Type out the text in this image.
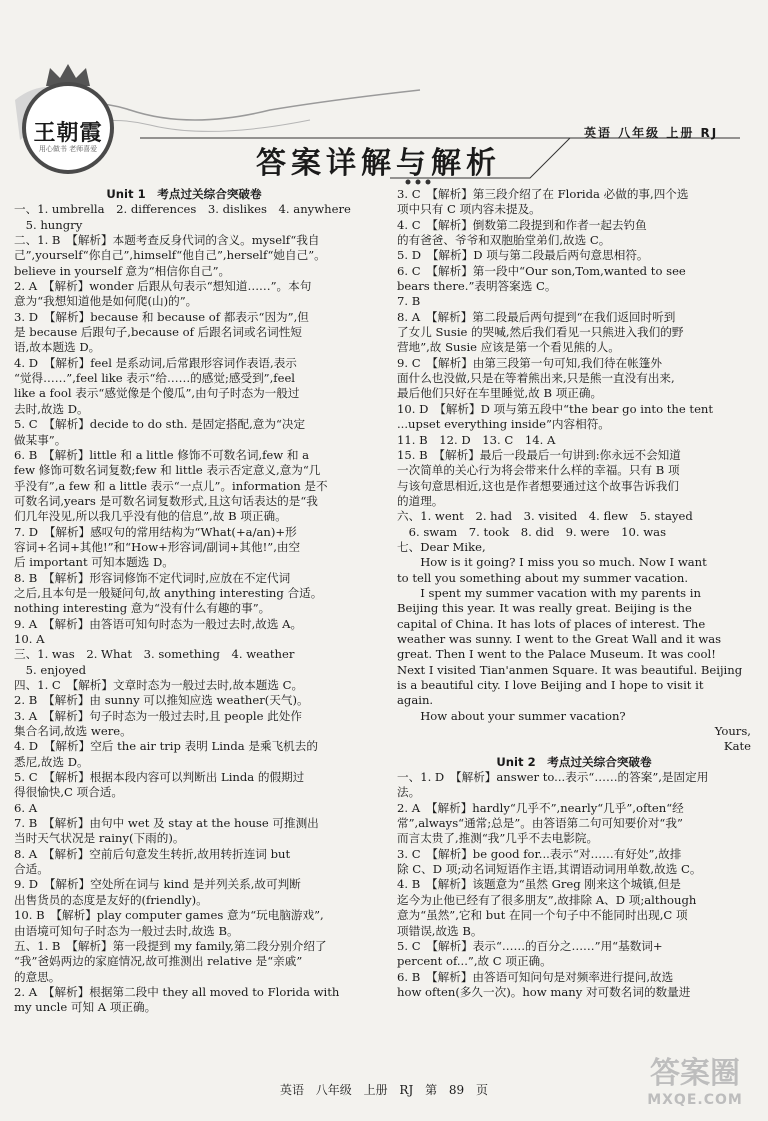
王朝霞
用心做书 老师喜爱
英语 八年级 上册 RJ
答案详解与解析
Unit 1　考点过关综合突破卷
一、1. umbrella　2. differences　3. dislikes　4. anywhere
　5. hungry
二、1. B　【解析】本题考查反身代词的含义。myself“我自
己”,yourself“你自己”,himself“他自己”,herself“她自己”。
believe in yourself 意为“相信你自己”。
2. A　【解析】wonder 后跟从句表示“想知道……”。本句
意为“我想知道他是如何爬(山)的”。
3. D　【解析】because 和 because of 都表示“因为”,但
是 because 后跟句子,because of 后跟名词或名词性短
语,故本题选 D。
4. D　【解析】feel 是系动词,后常跟形容词作表语,表示
“觉得……”,feel like 表示“给……的感觉;感受到”,feel
like a fool 表示“感觉像是个傻瓜”,由句子时态为一般过
去时,故选 D。
5. C　【解析】decide to do sth. 是固定搭配,意为“决定
做某事”。
6. B　【解析】little 和 a little 修饰不可数名词,few 和 a
few 修饰可数名词复数;few 和 little 表示否定意义,意为“几
乎没有”,a few 和 a little 表示“一点儿”。information 是不
可数名词,years 是可数名词复数形式,且这句话表达的是“我
们几年没见,所以我几乎没有他的信息”,故 B 项正确。
7. D　【解析】感叹句的常用结构为“What(+a/an)+形
容词+名词+其他!”和“How+形容词/副词+其他!”,由空
后 important 可知本题选 D。
8. B　【解析】形容词修饰不定代词时,应放在不定代词
之后,且本句是一般疑问句,故 anything interesting 合适。
nothing interesting 意为“没有什么有趣的事”。
9. A　【解析】由答语可知句时态为一般过去时,故选 A。
10. A
三、1. was　2. What　3. something　4. weather
　5. enjoyed
四、1. C　【解析】文章时态为一般过去时,故本题选 C。
2. B　【解析】由 sunny 可以推知应选 weather(天气)。
3. A　【解析】句子时态为一般过去时,且 people 此处作
集合名词,故选 were。
4. D　【解析】空后 the air trip 表明 Linda 是乘飞机去的
悉尼,故选 D。
5. C　【解析】根据本段内容可以判断出 Linda 的假期过
得很愉快,C 项合适。
6. A
7. B　【解析】由句中 wet 及 stay at the house 可推测出
当时天气状况是 rainy(下雨的)。
8. A　【解析】空前后句意发生转折,故用转折连词 but
合适。
9. D　【解析】空处所在词与 kind 是并列关系,故可判断
出售货员的态度是友好的(friendly)。
10. B　【解析】play computer games 意为“玩电脑游戏”,
由语境可知句子时态为一般过去时,故选 B。
五、1. B　【解析】第一段提到 my family,第二段分别介绍了
“我”爸妈两边的家庭情况,故可推测出 relative 是“亲戚”
的意思。
2. A　【解析】根据第二段中 they all moved to Florida with
my uncle 可知 A 项正确。
3. C　【解析】第三段介绍了在 Florida 必做的事,四个选
项中只有 C 项内容未提及。
4. C　【解析】倒数第二段提到和作者一起去钓鱼
的有爸爸、爷爷和双胞胎堂弟们,故选 C。
5. D　【解析】D 项与第二段最后两句意思相符。
6. C　【解析】第一段中“Our son,Tom,wanted to see
bears there.”表明答案选 C。
7. B
8. A　【解析】第二段最后两句提到“在我们返回时听到
了女儿 Susie 的哭喊,然后我们看见一只熊进入我们的野
营地”,故 Susie 应该是第一个看见熊的人。
9. C　【解析】由第三段第一句可知,我们待在帐篷外
面什么也没做,只是在等着熊出来,只是熊一直没有出来,
最后他们只好在车里睡觉,故 B 项正确。
10. D　【解析】D 项与第五段中“the bear go into the tent
...upset everything inside”内容相符。
11. B　12. D　13. C　14. A
15. B　【解析】最后一段最后一句讲到:你永远不会知道
一次简单的关心行为将会带来什么样的幸福。只有 B 项
与该句意思相近,这也是作者想要通过这个故事告诉我们
的道理。
六、1. went　2. had　3. visited　4. flew　5. stayed
　6. swam　7. took　8. did　9. were　10. was
七、Dear Mike,
　　How is it going? I miss you so much. Now I want
to tell you something about my summer vacation.
　　I spent my summer vacation with my parents in
Beijing this year. It was really great. Beijing is the
capital of China. It has lots of places of interest. The
weather was sunny. I went to the Great Wall and it was
great. Then I went to the Palace Museum. It was cool!
Next I visited Tian'anmen Square. It was beautiful. Beijing
is a beautiful city. I love Beijing and I hope to visit it
again.
　　How about your summer vacation?
Yours,
Kate
Unit 2　考点过关综合突破卷
一、1. D　【解析】answer to...表示“……的答案”,是固定用
法。
2. A　【解析】hardly“几乎不”,nearly“几乎”,often“经
常”,always“通常;总是”。由答语第二句可知要价对“我”
而言太贵了,推测“我”几乎不去电影院。
3. C　【解析】be good for...表示“对……有好处”,故排
除 C、D 项;动名词短语作主语,其谓语动词用单数,故选 C。
4. B　【解析】该题意为“虽然 Greg 刚来这个城镇,但是
迄今为止他已经有了很多朋友”,故排除 A、D 项;although
意为“虽然”,它和 but 在同一个句子中不能同时出现,C 项
项错误,故选 B。
5. C　【解析】表示“……的百分之……”用“基数词+
percent of...”,故 C 项正确。
6. B　【解析】由答语可知问句是对频率进行提问,故选
how often(多久一次)。how many 对可数名词的数量进
英语 八年级 上册 RJ 第 89 页	答案圈
MXQE.COM
